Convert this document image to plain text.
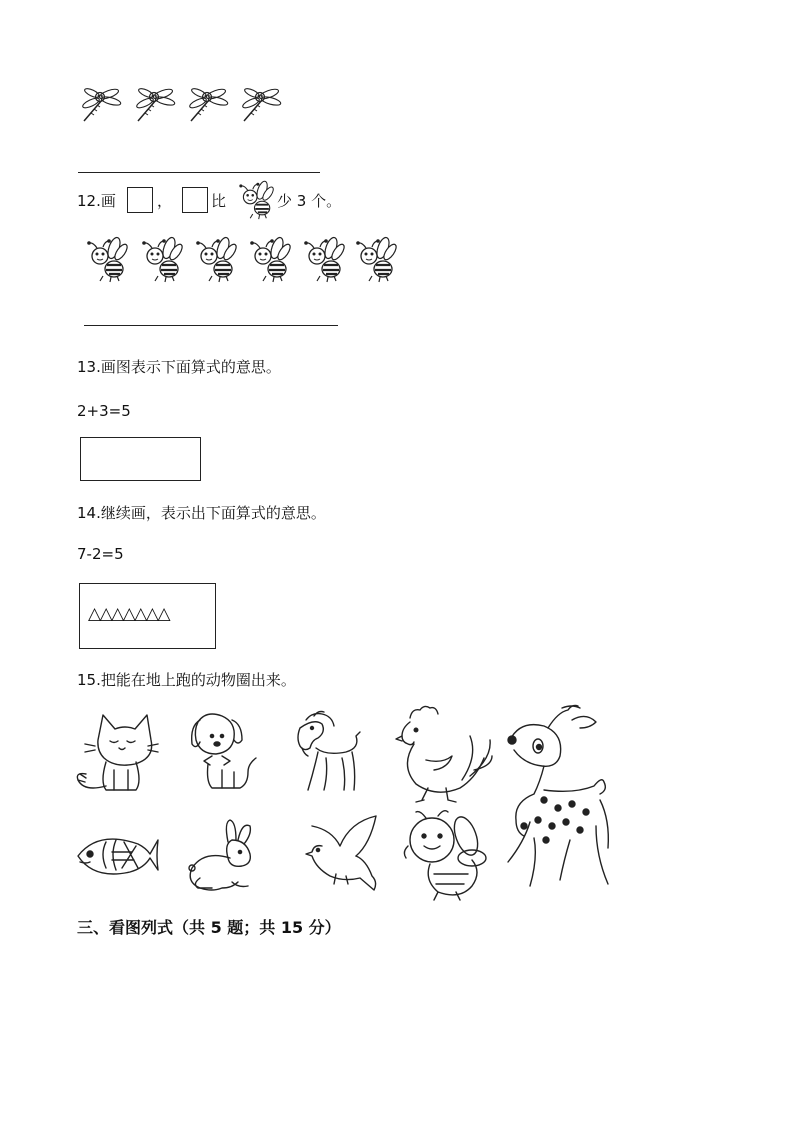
12.画	，	比	少 3 个。
13.画图表示下面算式的意思。
2+3=5
14.继续画，表示出下面算式的意思。
7-2=5
△△△△△△△
15.把能在地上跑的动物圈出来。
三、看图列式（共 5 题；共 15 分）
